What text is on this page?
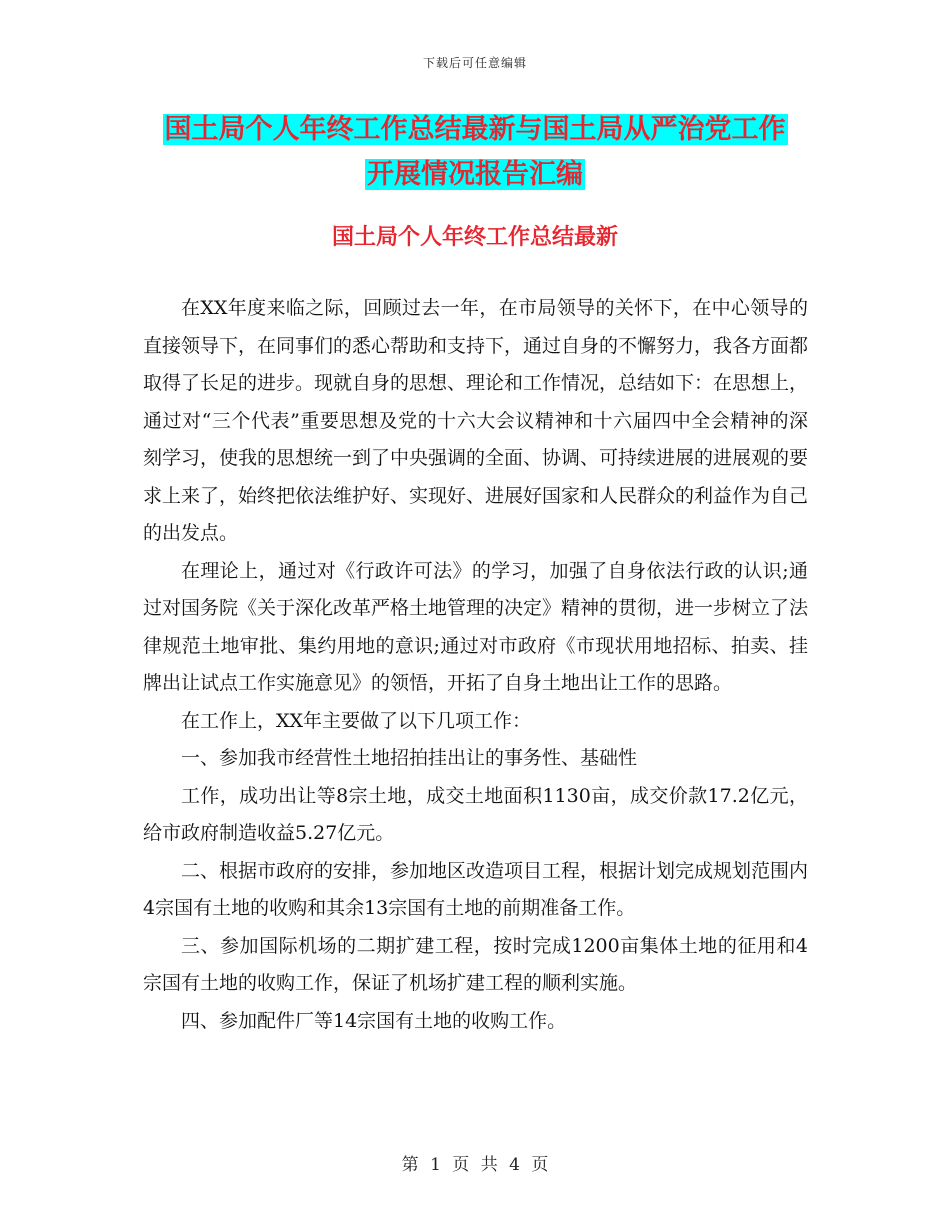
下载后可任意编辑
国土局个人年终工作总结最新与国土局从严治党工作
开展情况报告汇编
国土局个人年终工作总结最新

在XX年度来临之际，回顾过去一年，在市局领导的关怀下，在中心领导的直接领导下，在同事们的悉心帮助和支持下，通过自身的不懈努力，我各方面都取得了长足的进步。现就自身的思想、理论和工作情况，总结如下：在思想上，通过对“三个代表”重要思想及党的十六大会议精神和十六届四中全会精神的深刻学习，使我的思想统一到了中央强调的全面、协调、可持续进展的进展观的要求上来了，始终把依法维护好、实现好、进展好国家和人民群众的利益作为自己的出发点。

在理论上，通过对《行政许可法》的学习，加强了自身依法行政的认识;通过对国务院《关于深化改革严格土地管理的决定》精神的贯彻，进一步树立了法律规范土地审批、集约用地的意识;通过对市政府《市现状用地招标、拍卖、挂牌出让试点工作实施意见》的领悟，开拓了自身土地出让工作的思路。

在工作上，XX年主要做了以下几项工作：

一、参加我市经营性土地招拍挂出让的事务性、基础性

工作，成功出让等8宗土地，成交土地面积1130亩，成交价款17.2亿元，给市政府制造收益5.27亿元。

二、根据市政府的安排，参加地区改造项目工程，根据计划完成规划范围内4宗国有土地的收购和其余13宗国有土地的前期准备工作。

三、参加国际机场的二期扩建工程，按时完成1200亩集体土地的征用和4宗国有土地的收购工作，保证了机场扩建工程的顺利实施。

四、参加配件厂等14宗国有土地的收购工作。

第 1 页 共 4 页
